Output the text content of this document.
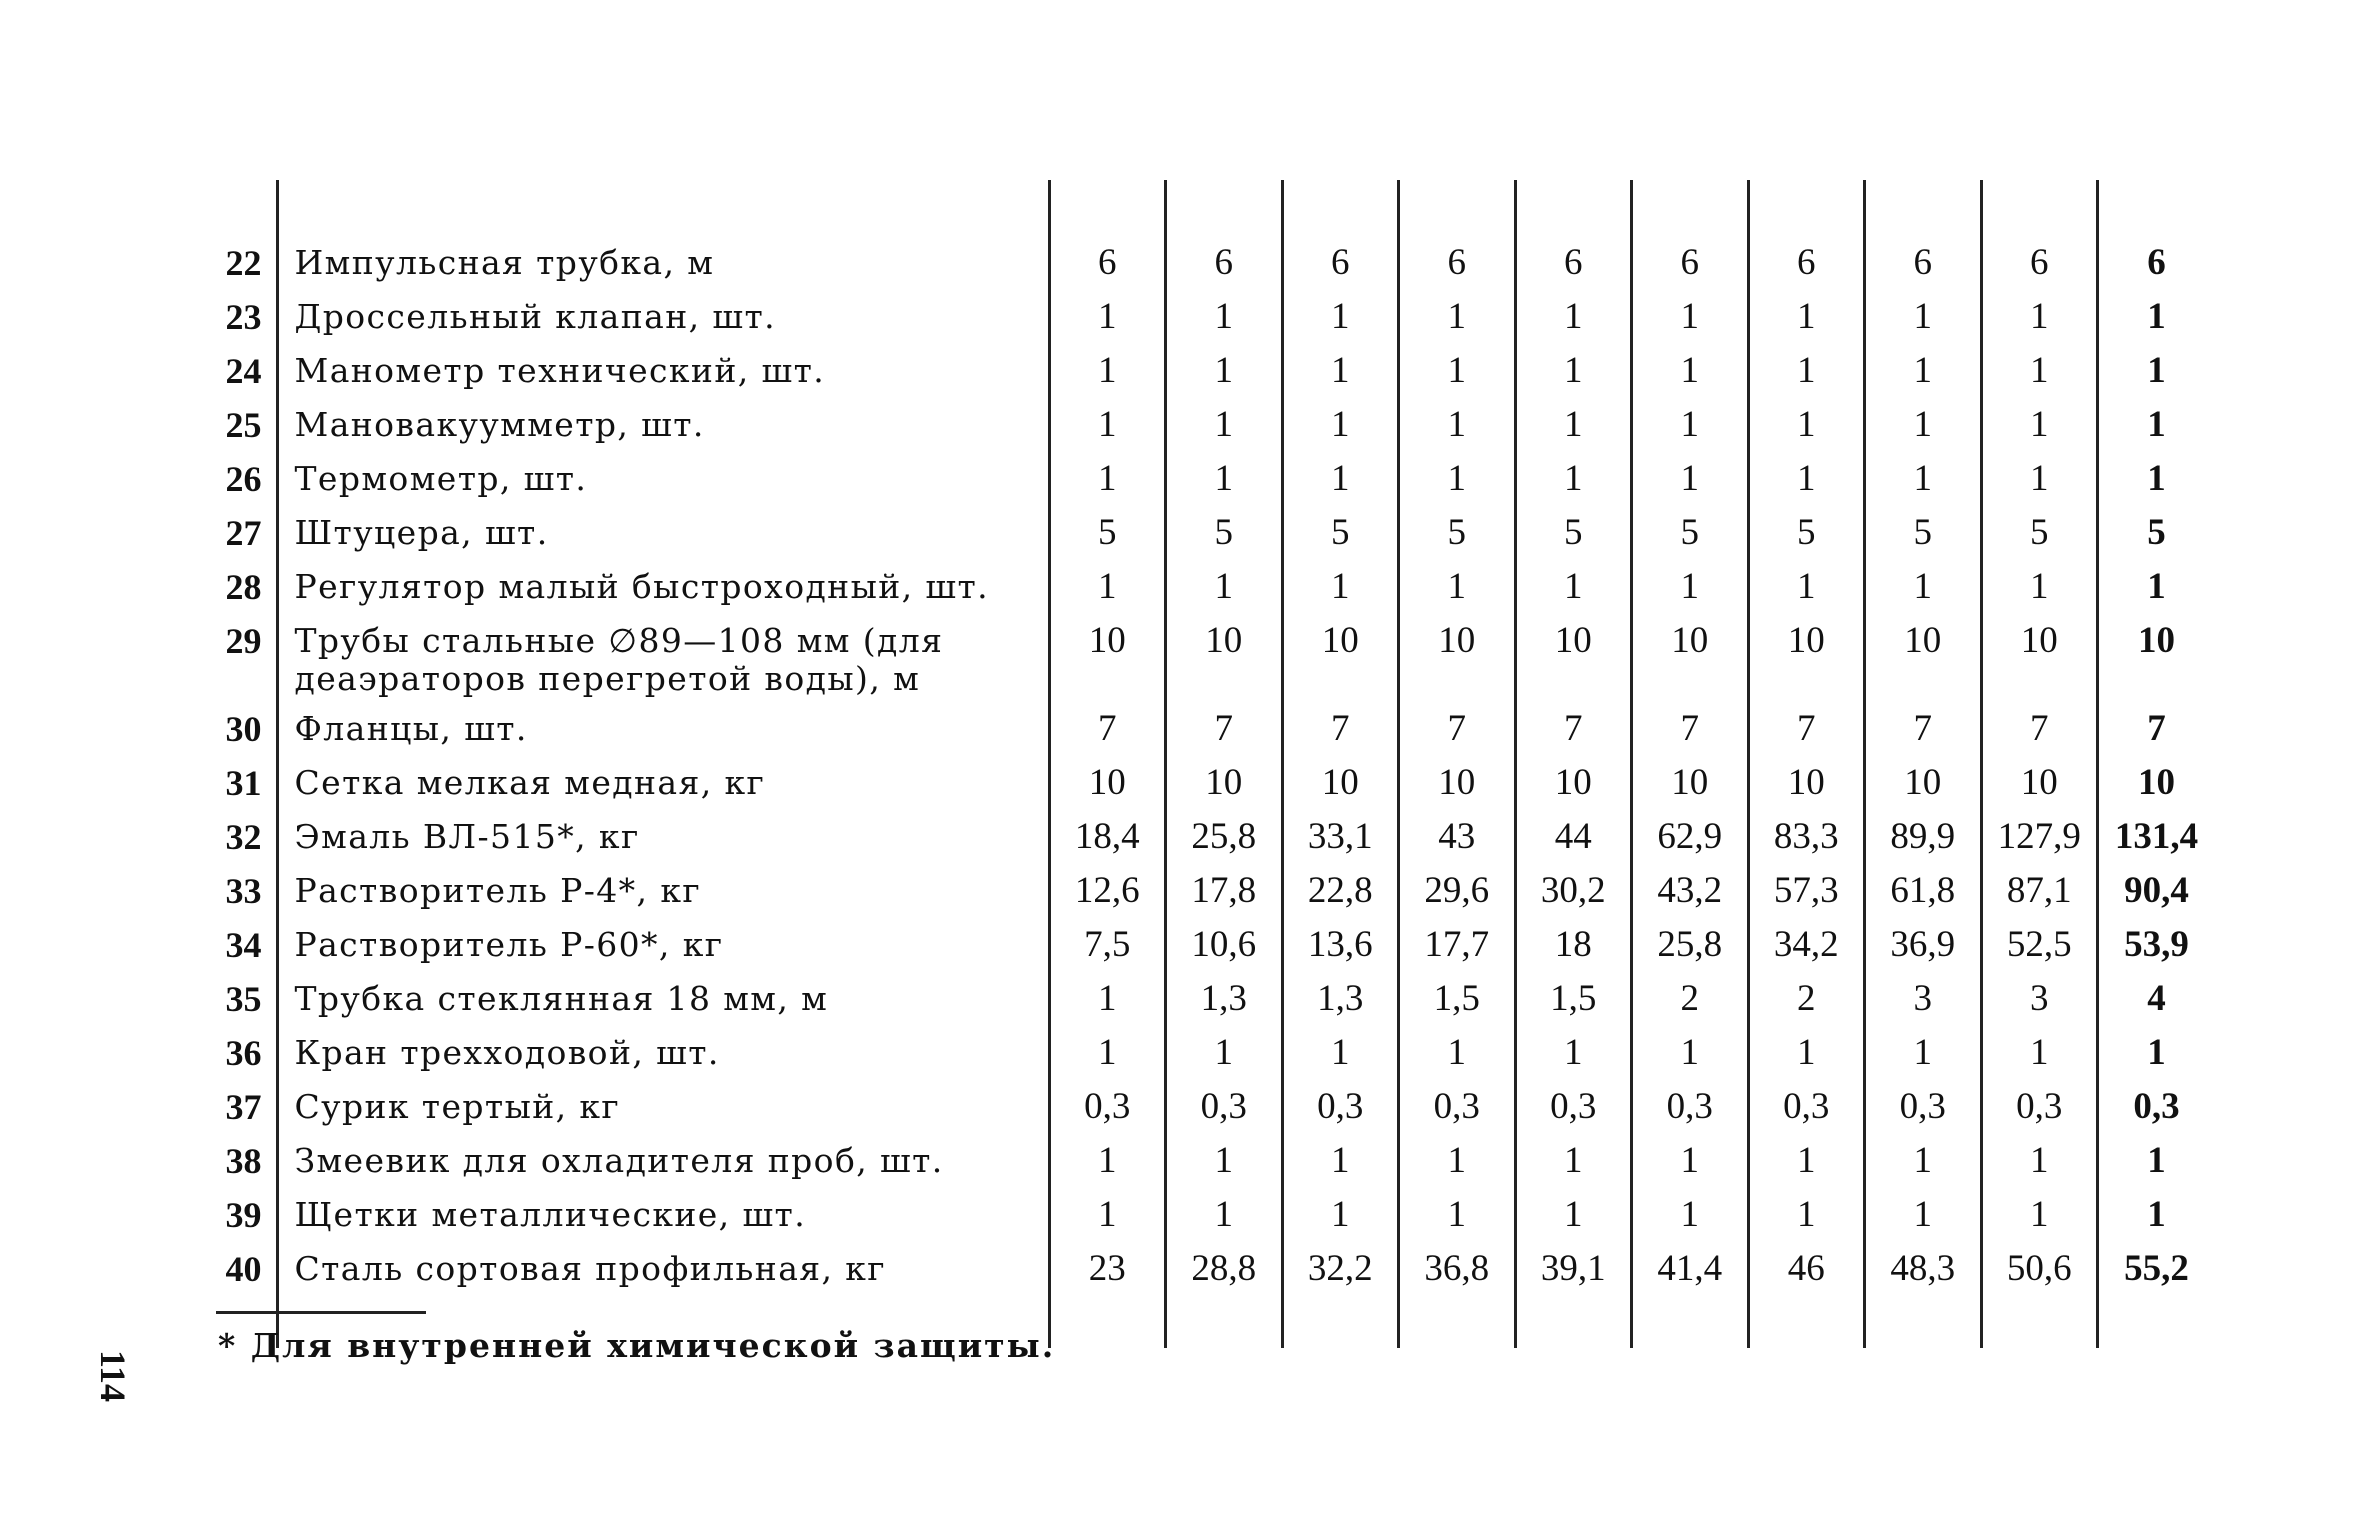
22	Импульсная трубка, м	6	6	6	6	6	6	6	6	6	6
23	Дроссельный клапан, шт.	1	1	1	1	1	1	1	1	1	1
24	Манометр технический, шт.	1	1	1	1	1	1	1	1	1	1
25	Мановакуумметр, шт.	1	1	1	1	1	1	1	1	1	1
26	Термометр, шт.	1	1	1	1	1	1	1	1	1	1
27	Штуцера, шт.	5	5	5	5	5	5	5	5	5	5
28	Регулятор малый быстроходный, шт.	1	1	1	1	1	1	1	1	1	1
29	Трубы стальные ∅89—108 мм (для деаэраторов перегретой воды), м	10	10	10	10	10	10	10	10	10	10
30	Фланцы, шт.	7	7	7	7	7	7	7	7	7	7
31	Сетка мелкая медная, кг	10	10	10	10	10	10	10	10	10	10
32	Эмаль ВЛ-515*, кг	18,4	25,8	33,1	43	44	62,9	83,3	89,9	127,9	131,4
33	Растворитель Р-4*, кг	12,6	17,8	22,8	29,6	30,2	43,2	57,3	61,8	87,1	90,4
34	Растворитель Р-60*, кг	7,5	10,6	13,6	17,7	18	25,8	34,2	36,9	52,5	53,9
35	Трубка стеклянная 18 мм, м	1	1,3	1,3	1,5	1,5	2	2	3	3	4
36	Кран трехходовой, шт.	1	1	1	1	1	1	1	1	1	1
37	Сурик тертый, кг	0,3	0,3	0,3	0,3	0,3	0,3	0,3	0,3	0,3	0,3
38	Змеевик для охладителя проб, шт.	1	1	1	1	1	1	1	1	1	1
39	Щетки металлические, шт.	1	1	1	1	1	1	1	1	1	1
40	Сталь сортовая профильная, кг	23	28,8	32,2	36,8	39,1	41,4	46	48,3	50,6	55,2

* Для внутренней химической защиты.
114
